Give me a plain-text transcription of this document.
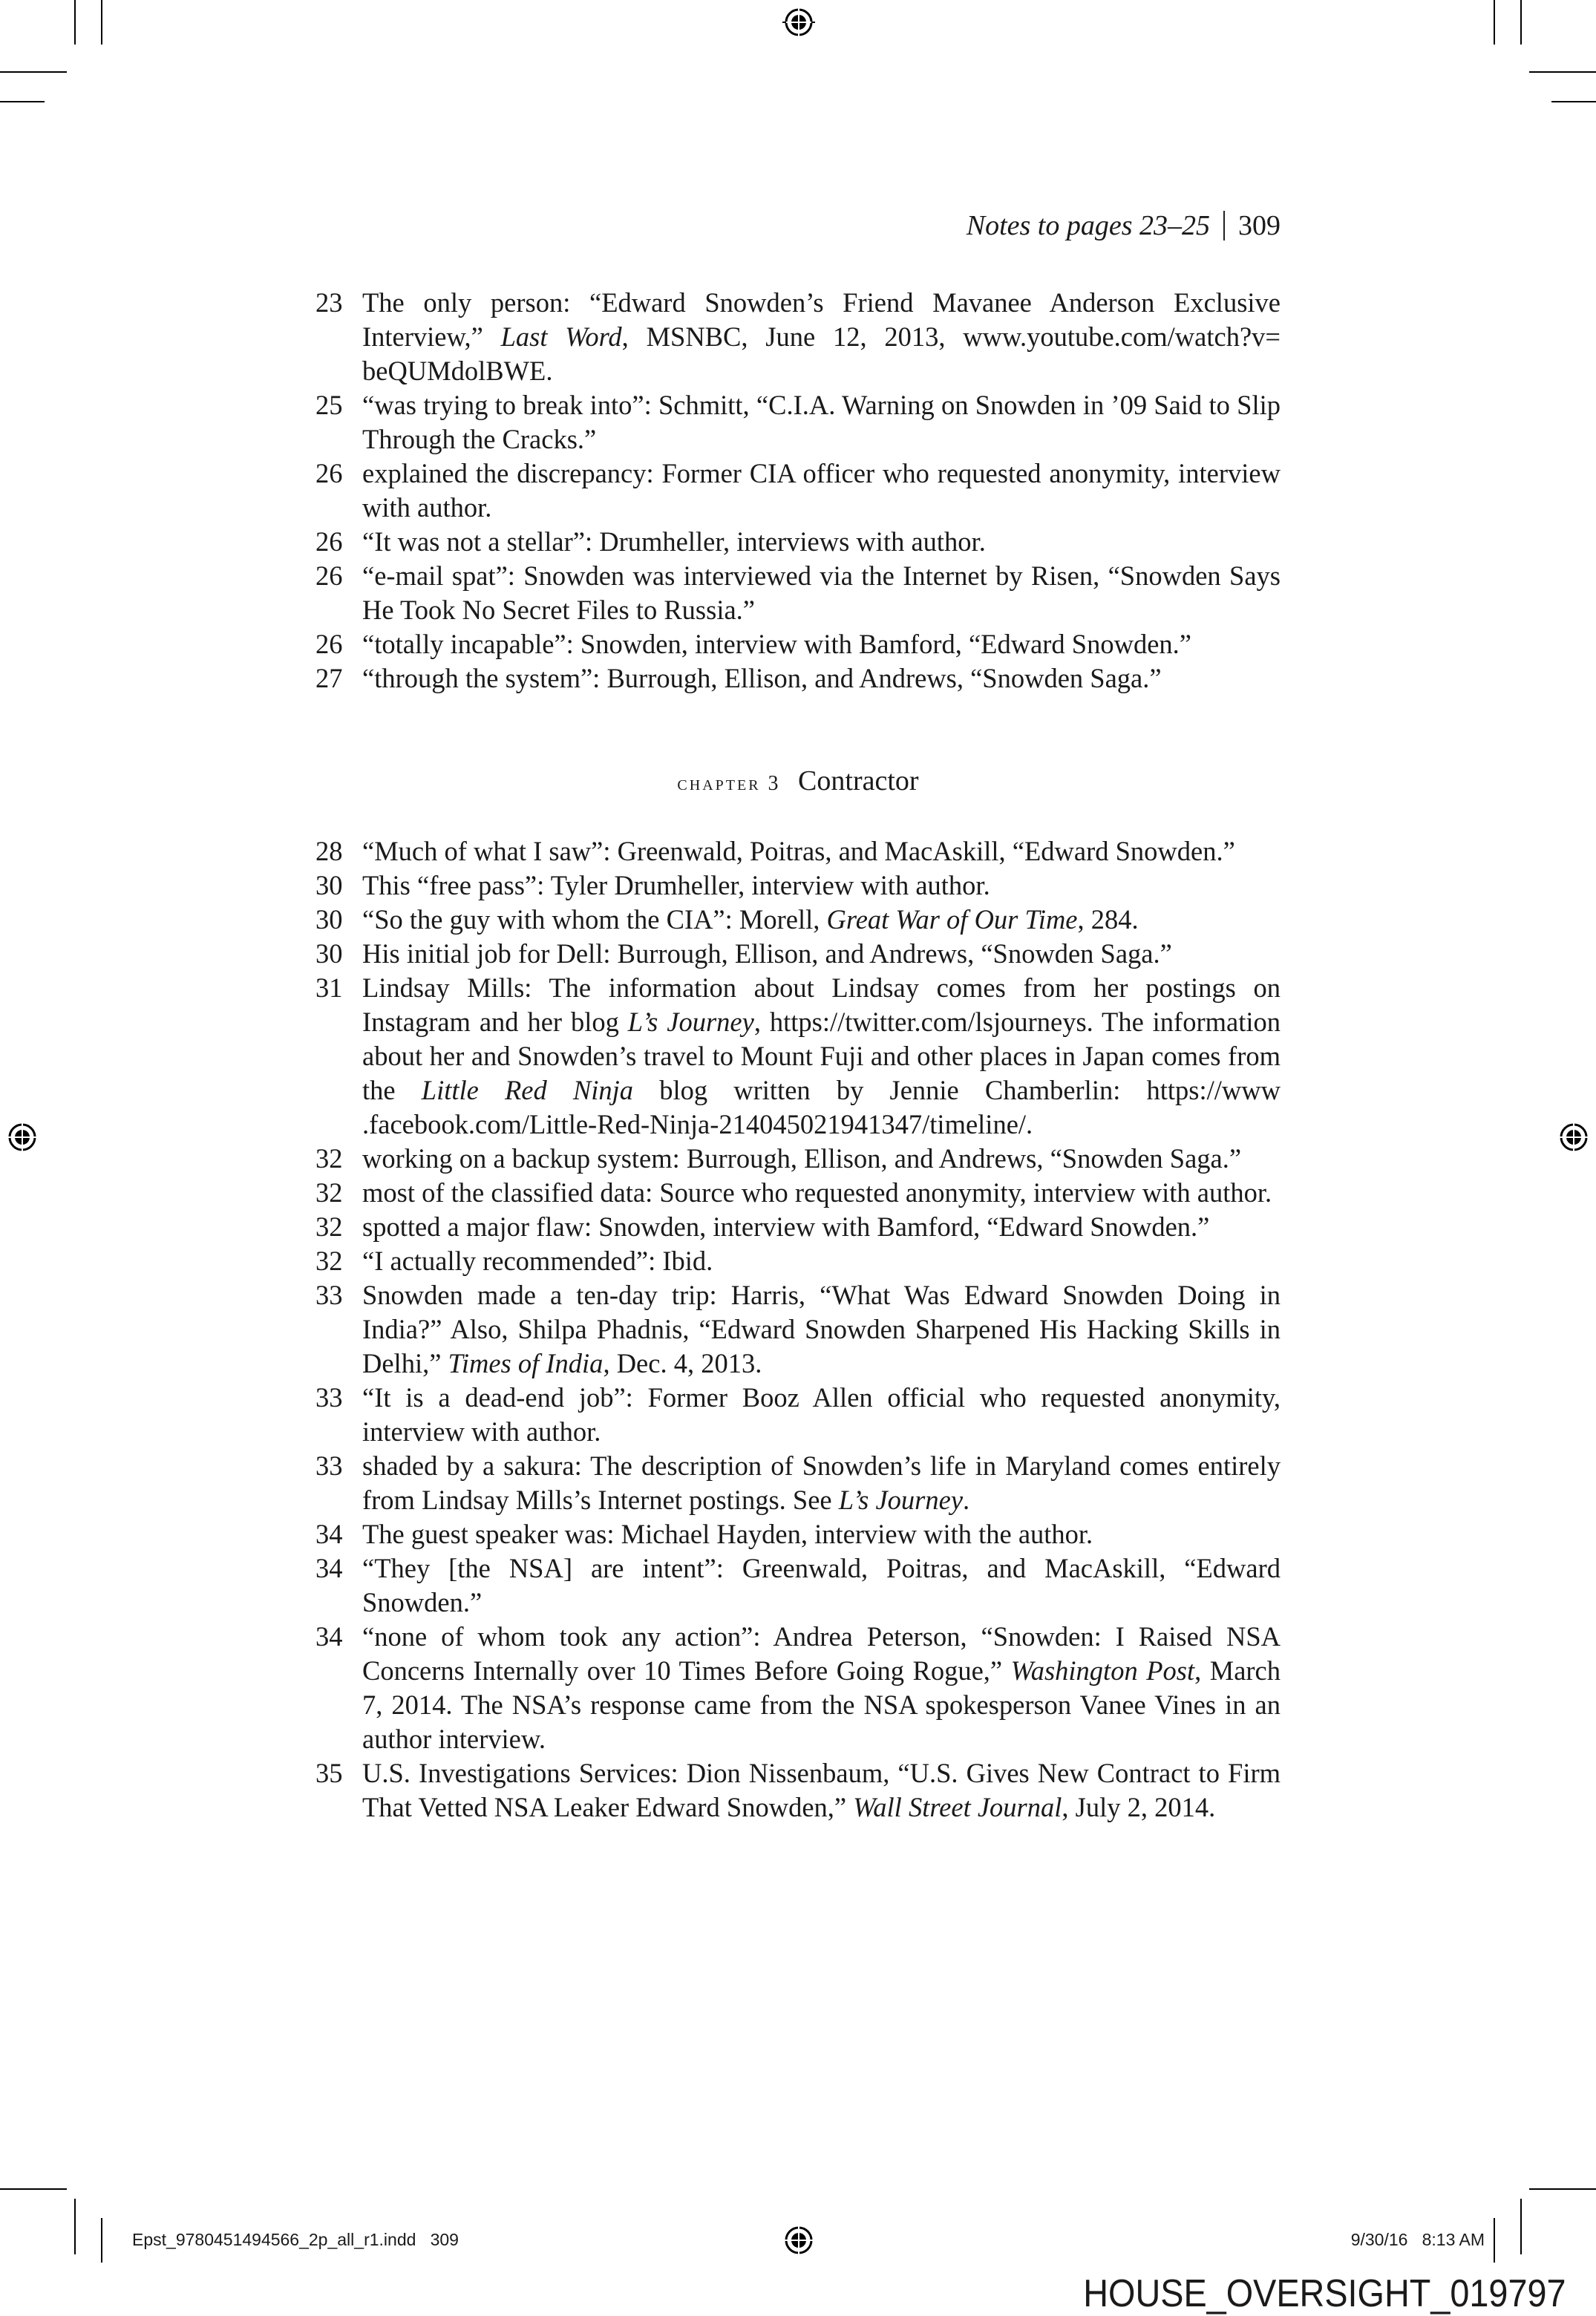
Notes to pages 23–25 309
23 The only person: “Edward Snowden’s Friend Mavanee Anderson Exclusive Interview,” Last Word, MSNBC, June 12, 2013, www.youtube.com/watch?v= beQUMdolBWE.
25 “was trying to break into”: Schmitt, “C.I.A. Warning on Snowden in ’09 Said to Slip Through the Cracks.”
26 explained the discrepancy: Former CIA officer who requested anonymity, interview with author.
26 “It was not a stellar”: Drumheller, interviews with author.
26 “e-mail spat”: Snowden was interviewed via the Internet by Risen, “Snowden Says He Took No Secret Files to Russia.”
26 “totally incapable”: Snowden, interview with Bamford, “Edward Snowden.”
27 “through the system”: Burrough, Ellison, and Andrews, “Snowden Saga.”
chapter 3 Contractor
28 “Much of what I saw”: Greenwald, Poitras, and MacAskill, “Edward Snowden.”
30 This “free pass”: Tyler Drumheller, interview with author.
30 “So the guy with whom the CIA”: Morell, Great War of Our Time, 284.
30 His initial job for Dell: Burrough, Ellison, and Andrews, “Snowden Saga.”
31 Lindsay Mills: The information about Lindsay comes from her postings on Instagram and her blog L’s Journey, https://twitter.com/lsjourneys. The information about her and Snowden’s travel to Mount Fuji and other places in Japan comes from the Little Red Ninja blog written by Jennie Chamberlin: https://www .facebook.com/Little-Red-Ninja-214045021941347/timeline/.
32 working on a backup system: Burrough, Ellison, and Andrews, “Snowden Saga.”
32 most of the classified data: Source who requested anonymity, interview with author.
32 spotted a major flaw: Snowden, interview with Bamford, “Edward Snowden.”
32 “I actually recommended”: Ibid.
33 Snowden made a ten-day trip: Harris, “What Was Edward Snowden Doing in India?” Also, Shilpa Phadnis, “Edward Snowden Sharpened His Hacking Skills in Delhi,” Times of India, Dec. 4, 2013.
33 “It is a dead-end job”: Former Booz Allen official who requested anonymity, interview with author.
33 shaded by a sakura: The description of Snowden’s life in Maryland comes entirely from Lindsay Mills’s Internet postings. See L’s Journey.
34 The guest speaker was: Michael Hayden, interview with the author.
34 “They [the NSA] are intent”: Greenwald, Poitras, and MacAskill, “Edward Snowden.”
34 “none of whom took any action”: Andrea Peterson, “Snowden: I Raised NSA Concerns Internally over 10 Times Before Going Rogue,” Washington Post, March 7, 2014. The NSA’s response came from the NSA spokesperson Vanee Vines in an author interview.
35 U.S. Investigations Services: Dion Nissenbaum, “U.S. Gives New Contract to Firm That Vetted NSA Leaker Edward Snowden,” Wall Street Journal, July 2, 2014.
Epst_9780451494566_2p_all_r1.indd   309	9/30/16   8:13 AM
HOUSE_OVERSIGHT_019797
